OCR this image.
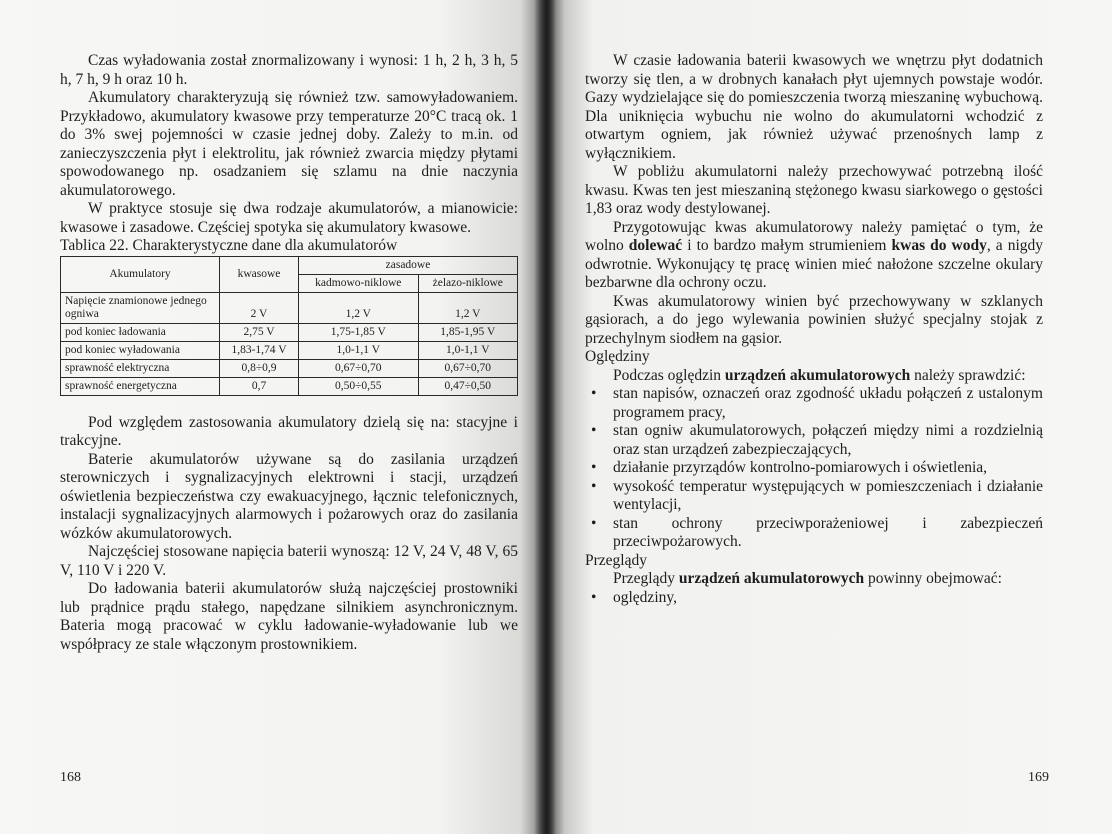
Czas wyładowania został znormalizowany i wynosi: 1 h, 2 h, 3 h, 5 h, 7 h, 9 h oraz 10 h.

Akumulatory charakteryzują się również tzw. samowyładowaniem. Przykładowo, akumulatory kwasowe przy temperaturze 20°C tracą ok. 1 do 3% swej pojemności w czasie jednej doby. Zależy to m.in. od zanieczyszczenia płyt i elektrolitu, jak również zwarcia między płytami spowodowanego np. osadzaniem się szlamu na dnie naczynia akumulatorowego.

W praktyce stosuje się dwa rodzaje akumulatorów, a mianowicie: kwasowe i zasadowe. Częściej spotyka się akumulatory kwasowe.

Tablica 22. Charakterystyczne dane dla akumulatorów

Akumulatory	kwasowe	zasadowe	
		kadmowo-niklowe	żelazo-niklowe
Napięcie znamionowe jednego ogniwa	2 V	1,2 V	1,2 V
pod koniec ładowania	2,75 V	1,75-1,85 V	1,85-1,95 V
pod koniec wyładowania	1,83-1,74 V	1,0-1,1 V	1,0-1,1 V
sprawność elektryczna	0,8÷0,9	0,67÷0,70	0,67÷0,70
sprawność energetyczna	0,7	0,50÷0,55	0,47÷0,50

Pod względem zastosowania akumulatory dzielą się na: stacyjne i trakcyjne.

Baterie akumulatorów używane są do zasilania urządzeń sterowniczych i sygnalizacyjnych elektrowni i stacji, urządzeń oświetlenia bezpieczeństwa czy ewakuacyjnego, łącznic telefonicznych, instalacji sygnalizacyjnych alarmowych i pożarowych oraz do zasilania wózków akumulatorowych.

Najczęściej stosowane napięcia baterii wynoszą: 12 V, 24 V, 48 V, 65 V, 110 V i 220 V.

Do ładowania baterii akumulatorów służą najczęściej prostowniki lub prądnice prądu stałego, napędzane silnikiem asynchronicznym. Bateria mogą pracować w cyklu ładowanie-wyładowanie lub we współpracy ze stale włączonym prostownikiem.

168

W czasie ładowania baterii kwasowych we wnętrzu płyt dodatnich tworzy się tlen, a w drobnych kanałach płyt ujemnych powstaje wodór. Gazy wydzielające się do pomieszczenia tworzą mieszaninę wybuchową. Dla uniknięcia wybuchu nie wolno do akumulatorni wchodzić z otwartym ogniem, jak również używać przenośnych lamp z wyłącznikiem.

W pobliżu akumulatorni należy przechowywać potrzebną ilość kwasu. Kwas ten jest mieszaniną stężonego kwasu siarkowego o gęstości 1,83 oraz wody destylowanej.

Przygotowując kwas akumulatorowy należy pamiętać o tym, że wolno dolewać i to bardzo małym strumieniem kwas do wody, a nigdy odwrotnie. Wykonujący tę pracę winien mieć nałożone szczelne okulary bezbarwne dla ochrony oczu.

Kwas akumulatorowy winien być przechowywany w szklanych gąsiorach, a do jego wylewania powinien służyć specjalny stojak z przechylnym siodłem na gąsior.

Oględziny

Podczas oględzin urządzeń akumulatorowych należy sprawdzić:

• stan napisów, oznaczeń oraz zgodność układu połączeń z ustalonym programem pracy,
• stan ogniw akumulatorowych, połączeń między nimi a rozdzielnią oraz stan urządzeń zabezpieczających,
• działanie przyrządów kontrolno-pomiarowych i oświetlenia,
• wysokość temperatur występujących w pomieszczeniach i działanie wentylacji,
• stan ochrony przeciwporażeniowej i zabezpieczeń przeciwpożarowych.

Przeglądy

Przeglądy urządzeń akumulatorowych powinny obejmować:

• oględziny,
169
